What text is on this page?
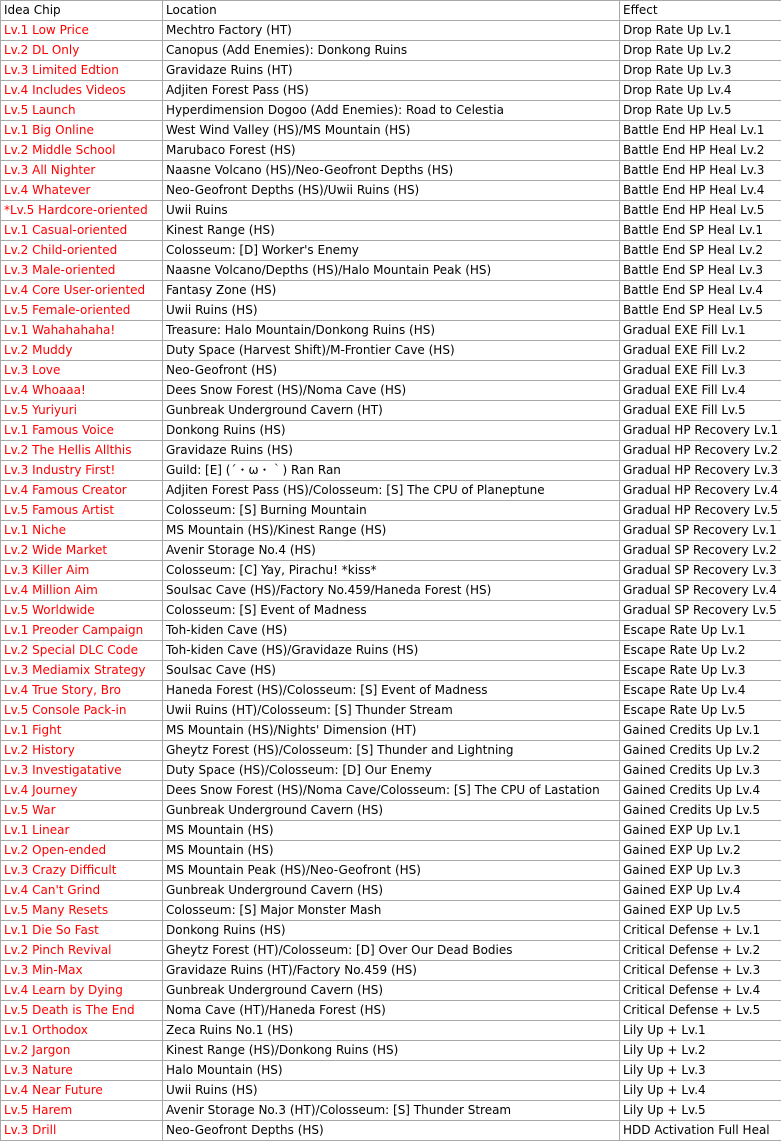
Idea Chip	Location	Effect
Lv.1 Low Price	Mechtro Factory (HT)	Drop Rate Up Lv.1
Lv.2 DL Only	Canopus (Add Enemies): Donkong Ruins	Drop Rate Up Lv.2
Lv.3 Limited Edtion	Gravidaze Ruins (HT)	Drop Rate Up Lv.3
Lv.4 Includes Videos	Adjiten Forest Pass (HS)	Drop Rate Up Lv.4
Lv.5 Launch	Hyperdimension Dogoo (Add Enemies): Road to Celestia	Drop Rate Up Lv.5
Lv.1 Big Online	West Wind Valley (HS)/MS Mountain (HS)	Battle End HP Heal Lv.1
Lv.2 Middle School	Marubaco Forest (HS)	Battle End HP Heal Lv.2
Lv.3 All Nighter	Naasne Volcano (HS)/Neo-Geofront Depths (HS)	Battle End HP Heal Lv.3
Lv.4 Whatever	Neo-Geofront Depths (HS)/Uwii Ruins (HS)	Battle End HP Heal Lv.4
*Lv.5 Hardcore-oriented	Uwii Ruins	Battle End HP Heal Lv.5
Lv.1 Casual-oriented	Kinest Range (HS)	Battle End SP Heal Lv.1
Lv.2 Child-oriented	Colosseum: [D] Worker's Enemy	Battle End SP Heal Lv.2
Lv.3 Male-oriented	Naasne Volcano/Depths (HS)/Halo Mountain Peak (HS)	Battle End SP Heal Lv.3
Lv.4 Core User-oriented	Fantasy Zone (HS)	Battle End SP Heal Lv.4
Lv.5 Female-oriented	Uwii Ruins (HS)	Battle End SP Heal Lv.5
Lv.1 Wahahahaha!	Treasure: Halo Mountain/Donkong Ruins (HS)	Gradual EXE Fill Lv.1
Lv.2 Muddy	Duty Space (Harvest Shift)/M-Frontier Cave (HS)	Gradual EXE Fill Lv.2
Lv.3 Love	Neo-Geofront (HS)	Gradual EXE Fill Lv.3
Lv.4 Whoaaa!	Dees Snow Forest (HS)/Noma Cave (HS)	Gradual EXE Fill Lv.4
Lv.5 Yuriyuri	Gunbreak Underground Cavern (HT)	Gradual EXE Fill Lv.5
Lv.1 Famous Voice	Donkong Ruins (HS)	Gradual HP Recovery Lv.1
Lv.2 The Hellis Allthis	Gravidaze Ruins (HS)	Gradual HP Recovery Lv.2
Lv.3 Industry First!	Guild: [E] (´・ω・｀) Ran Ran	Gradual HP Recovery Lv.3
Lv.4 Famous Creator	Adjiten Forest Pass (HS)/Colosseum: [S] The CPU of Planeptune	Gradual HP Recovery Lv.4
Lv.5 Famous Artist	Colosseum: [S] Burning Mountain	Gradual HP Recovery Lv.5
Lv.1 Niche	MS Mountain (HS)/Kinest Range (HS)	Gradual SP Recovery Lv.1
Lv.2 Wide Market	Avenir Storage No.4 (HS)	Gradual SP Recovery Lv.2
Lv.3 Killer Aim	Colosseum: [C] Yay, Pirachu! *kiss*	Gradual SP Recovery Lv.3
Lv.4 Million Aim	Soulsac Cave (HS)/Factory No.459/Haneda Forest (HS)	Gradual SP Recovery Lv.4
Lv.5 Worldwide	Colosseum: [S] Event of Madness	Gradual SP Recovery Lv.5
Lv.1 Preoder Campaign	Toh-kiden Cave (HS)	Escape Rate Up Lv.1
Lv.2 Special DLC Code	Toh-kiden Cave (HS)/Gravidaze Ruins (HS)	Escape Rate Up Lv.2
Lv.3 Mediamix Strategy	Soulsac Cave (HS)	Escape Rate Up Lv.3
Lv.4 True Story, Bro	Haneda Forest (HS)/Colosseum: [S] Event of Madness	Escape Rate Up Lv.4
Lv.5 Console Pack-in	Uwii Ruins (HT)/Colosseum: [S] Thunder Stream	Escape Rate Up Lv.5
Lv.1 Fight	MS Mountain (HS)/Nights' Dimension (HT)	Gained Credits Up Lv.1
Lv.2 History	Gheytz Forest (HS)/Colosseum: [S] Thunder and Lightning	Gained Credits Up Lv.2
Lv.3 Investigatative	Duty Space (HS)/Colosseum: [D] Our Enemy	Gained Credits Up Lv.3
Lv.4 Journey	Dees Snow Forest (HS)/Noma Cave/Colosseum: [S] The CPU of Lastation	Gained Credits Up Lv.4
Lv.5 War	Gunbreak Underground Cavern (HS)	Gained Credits Up Lv.5
Lv.1 Linear	MS Mountain (HS)	Gained EXP Up Lv.1
Lv.2 Open-ended	MS Mountain (HS)	Gained EXP Up Lv.2
Lv.3 Crazy Difficult	MS Mountain Peak (HS)/Neo-Geofront (HS)	Gained EXP Up Lv.3
Lv.4 Can't Grind	Gunbreak Underground Cavern (HS)	Gained EXP Up Lv.4
Lv.5 Many Resets	Colosseum: [S] Major Monster Mash	Gained EXP Up Lv.5
Lv.1 Die So Fast	Donkong Ruins (HS)	Critical Defense + Lv.1
Lv.2 Pinch Revival	Gheytz Forest (HT)/Colosseum: [D] Over Our Dead Bodies	Critical Defense + Lv.2
Lv.3 Min-Max	Gravidaze Ruins (HT)/Factory No.459 (HS)	Critical Defense + Lv.3
Lv.4 Learn by Dying	Gunbreak Underground Cavern (HS)	Critical Defense + Lv.4
Lv.5 Death is The End	Noma Cave (HT)/Haneda Forest (HS)	Critical Defense + Lv.5
Lv.1 Orthodox	Zeca Ruins No.1 (HS)	Lily Up + Lv.1
Lv.2 Jargon	Kinest Range (HS)/Donkong Ruins (HS)	Lily Up + Lv.2
Lv.3 Nature	Halo Mountain (HS)	Lily Up + Lv.3
Lv.4 Near Future	Uwii Ruins (HS)	Lily Up + Lv.4
Lv.5 Harem	Avenir Storage No.3 (HT)/Colosseum: [S] Thunder Stream	Lily Up + Lv.5
Lv.3 Drill	Neo-Geofront Depths (HS)	HDD Activation Full Heal
